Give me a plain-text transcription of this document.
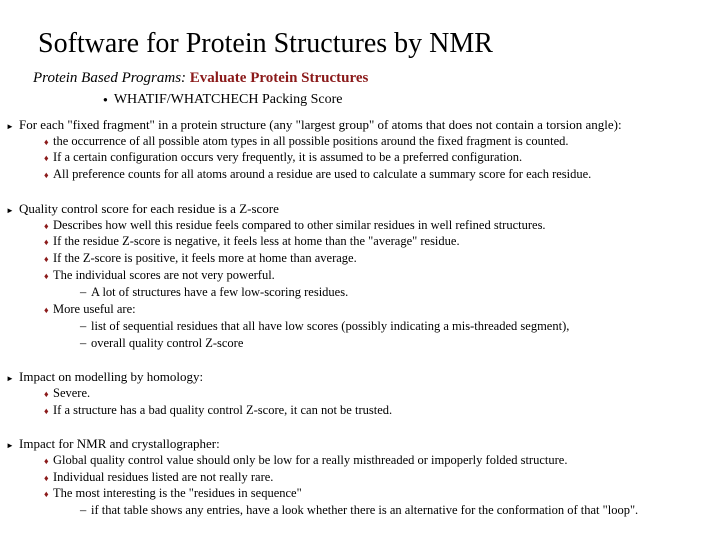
Software for Protein Structures by NMR
Protein Based Programs: Evaluate Protein Structures
● WHATIF/WHATCHECH Packing Score
► For each "fixed fragment" in a protein structure (any "largest group" of atoms that does not contain a torsion angle):
♦ the occurrence of all possible atom types in all possible positions around the fixed fragment is counted.
♦ If a certain configuration occurs very frequently, it is assumed to be a preferred configuration.
♦ All preference counts for all atoms around a residue are used to calculate a summary score for each residue.
► Quality control score for each residue is a Z-score
♦ Describes how well this residue feels compared to other similar residues in well refined structures.
♦ If the residue Z-score is negative, it feels less at home than the "average" residue.
♦ If the Z-score is positive, it feels more at home than average.
♦ The individual scores are not very powerful.
– A lot of structures have a few low-scoring residues.
♦ More useful are:
– list of sequential residues that all have low scores (possibly indicating a mis-threaded segment),
– overall quality control Z-score
► Impact on modelling by homology:
♦ Severe.
♦ If a structure has a bad quality control Z-score, it can not be trusted.
► Impact for NMR and crystallographer:
♦ Global quality control value should only be low for a really misthreaded or impoperly folded structure.
♦ Individual residues listed are not really rare.
♦ The most interesting is the "residues in sequence"
– if that table shows any entries, have a look whether there is an alternative for the conformation of that "loop".
